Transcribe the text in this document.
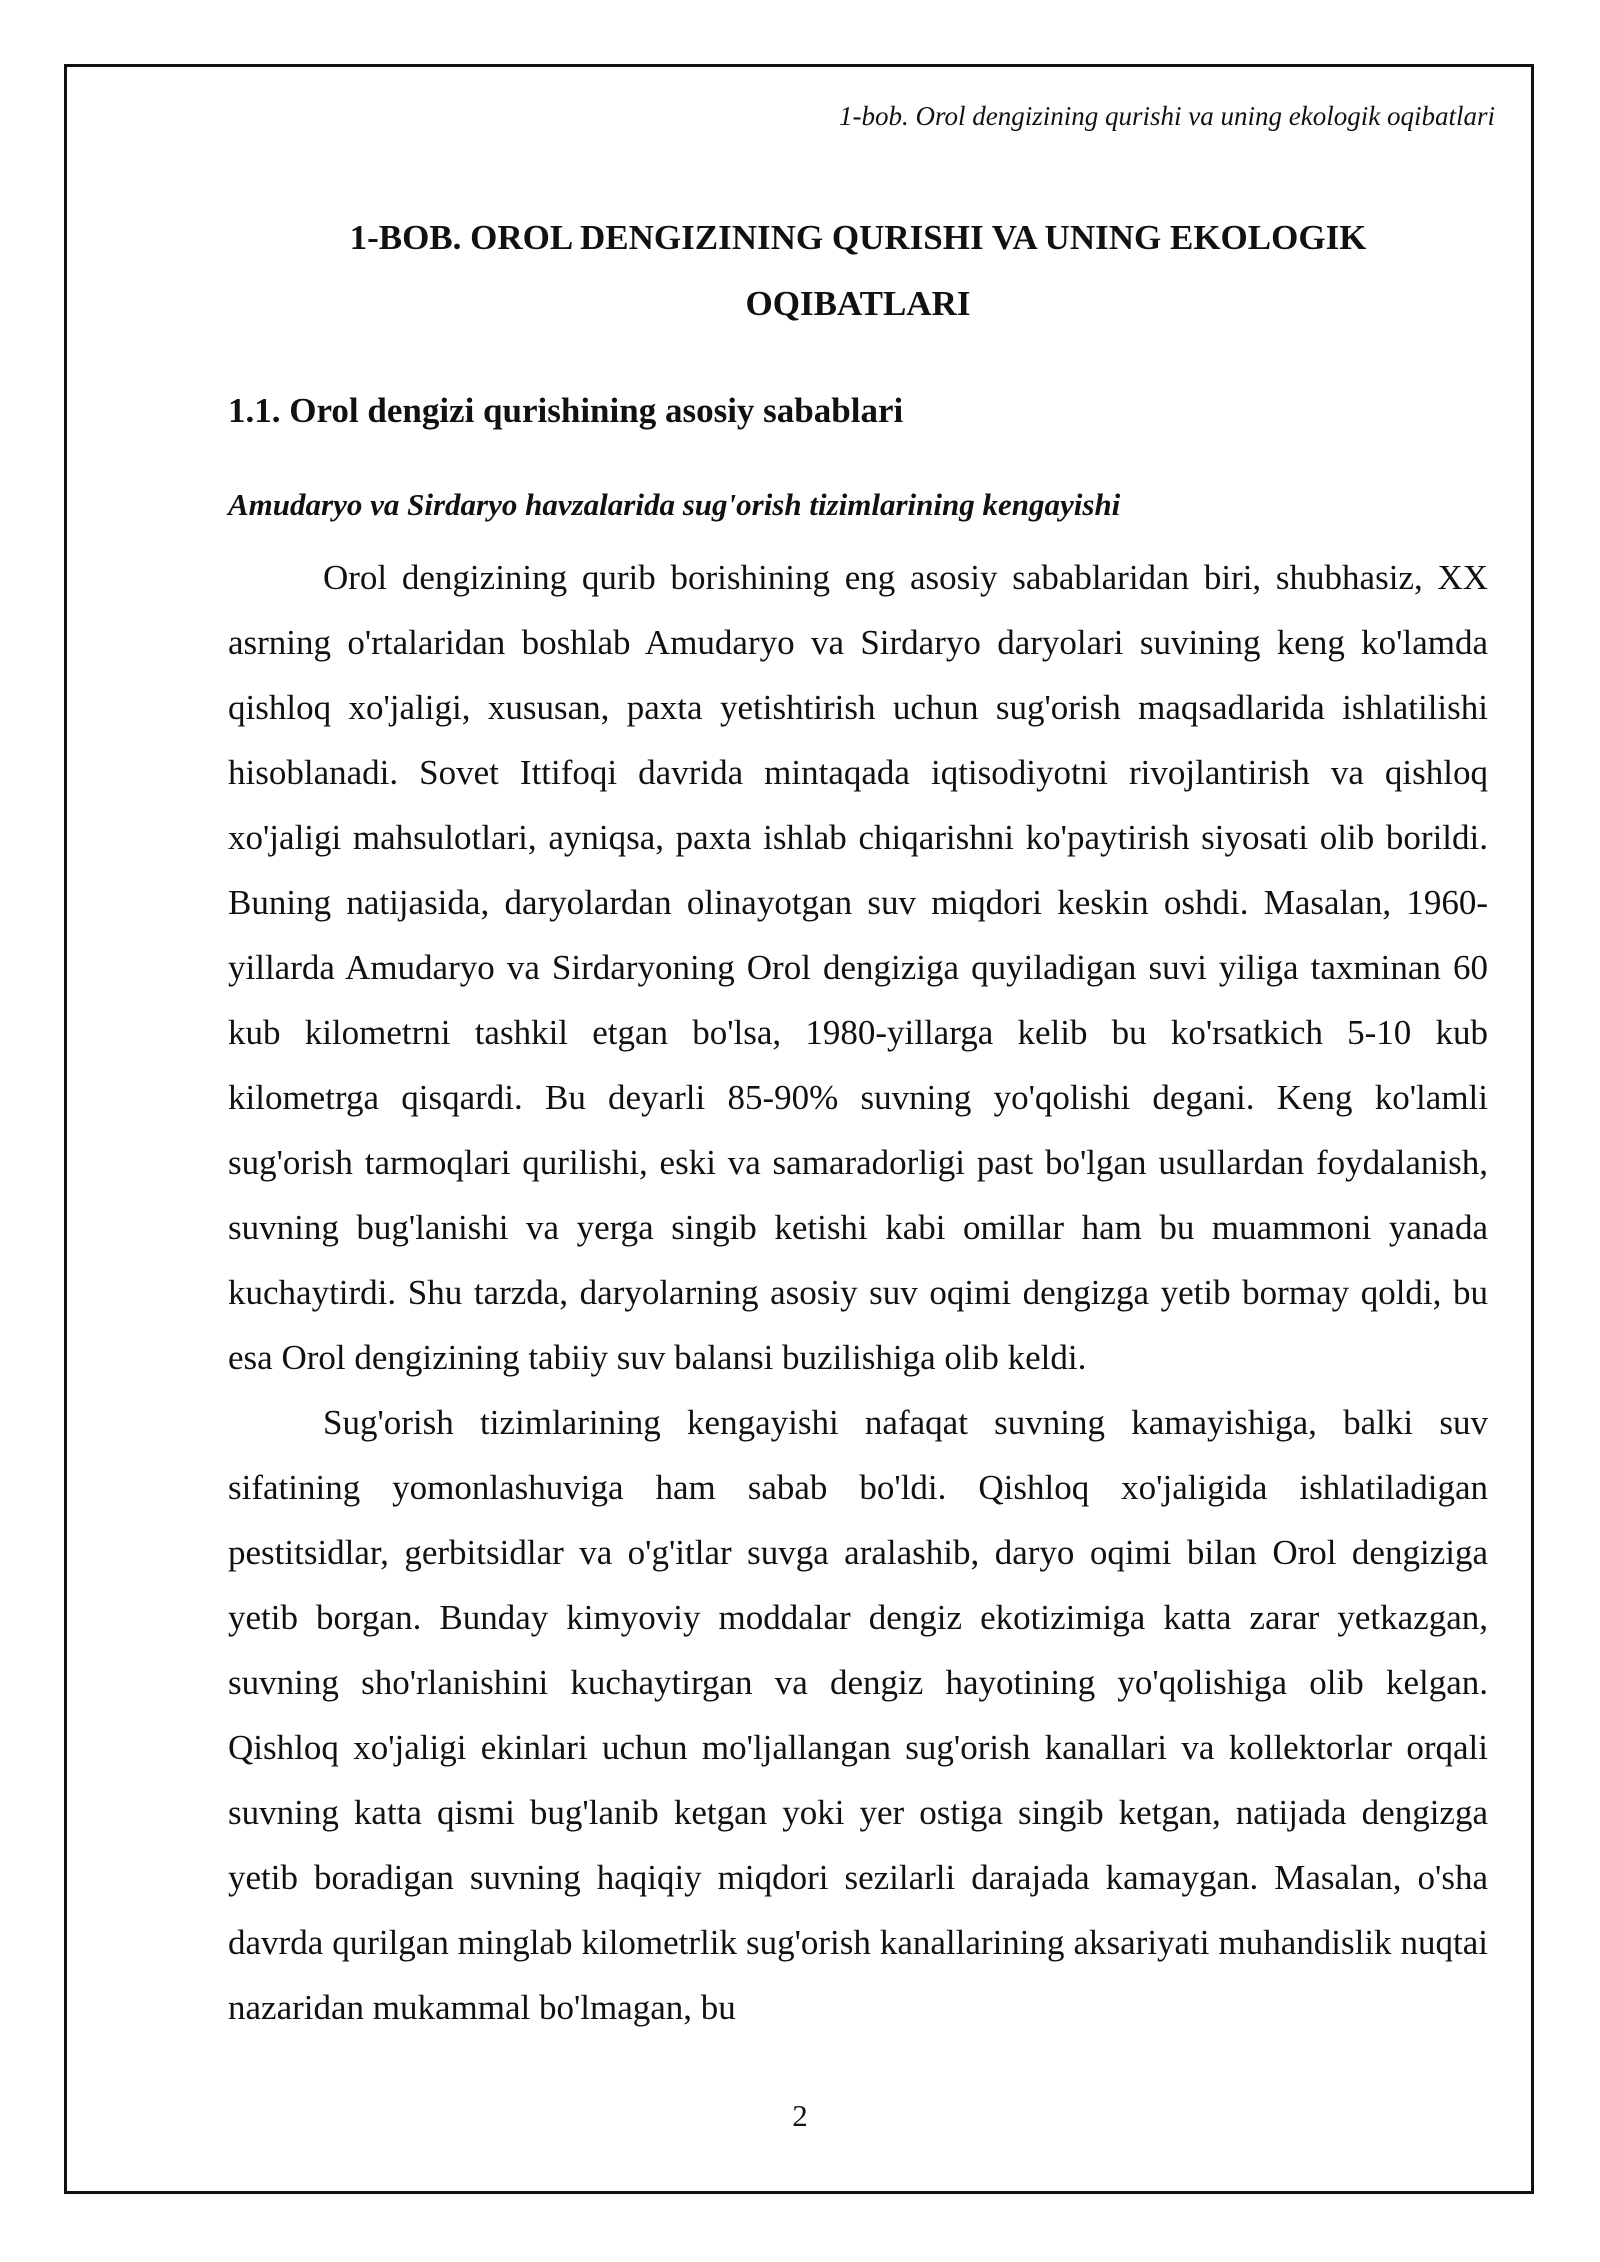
1-bob. Orol dengizining qurishi va uning ekologik oqibatlari
1-BOB. OROL DENGIZINING QURISHI VA UNING EKOLOGIK
OQIBATLARI
1.1. Orol dengizi qurishining asosiy sabablari
Amudaryo va Sirdaryo havzalarida sug'orish tizimlarining kengayishi

Orol dengizining qurib borishining eng asosiy sabablaridan biri, shubhasiz, XX asrning o'rtalaridan boshlab Amudaryo va Sirdaryo daryolari suvining keng ko'lamda qishloq xo'jaligi, xususan, paxta yetishtirish uchun sug'orish maqsadlarida ishlatilishi hisoblanadi. Sovet Ittifoqi davrida mintaqada iqtisodiyotni rivojlantirish va qishloq xo'jaligi mahsulotlari, ayniqsa, paxta ishlab chiqarishni ko'paytirish siyosati olib borildi. Buning natijasida, daryolardan olinayotgan suv miqdori keskin oshdi. Masalan, 1960-yillarda Amudaryo va Sirdaryoning Orol dengiziga quyiladigan suvi yiliga taxminan 60 kub kilometrni tashkil etgan bo'lsa, 1980-yillarga kelib bu ko'rsatkich 5-10 kub kilometrga qisqardi. Bu deyarli 85-90% suvning yo'qolishi degani. Keng ko'lamli sug'orish tarmoqlari qurilishi, eski va samaradorligi past bo'lgan usullardan foydalanish, suvning bug'lanishi va yerga singib ketishi kabi omillar ham bu muammoni yanada kuchaytirdi. Shu tarzda, daryolarning asosiy suv oqimi dengizga yetib bormay qoldi, bu esa Orol dengizining tabiiy suv balansi buzilishiga olib keldi.

Sug'orish tizimlarining kengayishi nafaqat suvning kamayishiga, balki suv sifatining yomonlashuviga ham sabab bo'ldi. Qishloq xo'jaligida ishlatiladigan pestitsidlar, gerbitsidlar va o'g'itlar suvga aralashib, daryo oqimi bilan Orol dengiziga yetib borgan. Bunday kimyoviy moddalar dengiz ekotizimiga katta zarar yetkazgan, suvning sho'rlanishini kuchaytirgan va dengiz hayotining yo'qolishiga olib kelgan. Qishloq xo'jaligi ekinlari uchun mo'ljallangan sug'orish kanallari va kollektorlar orqali suvning katta qismi bug'lanib ketgan yoki yer ostiga singib ketgan, natijada dengizga yetib boradigan suvning haqiqiy miqdori sezilarli darajada kamaygan. Masalan, o'sha davrda qurilgan minglab kilometrlik sug'orish kanallarining aksariyati muhandislik nuqtai nazaridan mukammal bo'lmagan, bu

2
